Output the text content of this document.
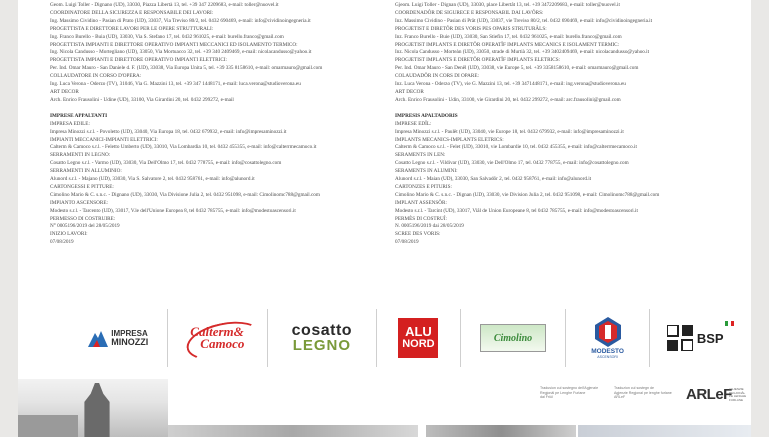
Geom. Luigi Toller - Dignano (UD), 33030, Piazza Libertà 13, tel. +39 347 2209683, e-mail: toller@nuovel.it
COORDINATORE DELLA SICUREZZA E RESPONSABILE DEI LAVORI:
Ing. Massimo Cividino - Pasian di Prato (UD), 33037, Via Treviso 80/2, tel. 0432 690469, e-mail: info@cividinoingegneria.it
PROGETTISTA E DIRETTORE LAVORI PER LE OPERE STRUTTURALI:
Ing. Franco Burello - Buia (UD), 33030, Via S. Stefano 17, tel. 0432 961025, e-mail: burello.franco@gmail.com
PROGETTISTA IMPIANTI E DIRETTORE OPERATIVO IMPIANTI MECCANICI ED ISOLAMENTO TERMICO:
Ing. Nicola Candusso - Mortegliano (UD), 33050, Via Mortuacco 32, tel. +39 340 2409469, e-mail: nicolacandusso@yahoo.it
PROGETTISTA IMPIANTI E DIRETTORE OPERATIVO IMPIANTI ELETTRICI:
Per. Ind. Omar Mauro - San Daniele d. F. (UD), 33038, Via Europa Unita 5, tel. +39 335 8158610, e-mail: omarmauro@gmail.com
COLLAUDATORE IN CORSO D'OPERA:
Ing. Luca Verona - Oderzo (TV), 31046, Via G. Mazzini 13, tel. +39 347 1448171, e-mail: luca.verona@studioverona.eu
ART DECOR
Arch. Enrico Frausolini - Udine (UD), 33100, Via Girardini 20, tel. 0432 299272, e-mail
IMPRESE APPALTANTI
IMPRESA EDILE:
Impresa Minozzi s.r.l. - Povoletto (UD), 33040, Via Europa 18, tel. 0432 679932, e-mail: info@impresaminozzi.it
IMPIANTI MECCANICI-IMPIANTI ELETTRICI:
Calterm & Camoco s.r.l. - Feletto Umberto (UD), 33010, Via Lombardia 10, tel. 0432 455355, e-mail: info@calterrmecamoco.it
SERRAMENTI IN LEGNO:
Cosatto Legno s.r.l. - Varmo (UD), 33030, Via Dell'Olmo 17, tel. 0432 778755, e-mail: info@cosattolegno.com
SERRAMENTI IN ALLUMINIO:
Alunord s.r.l. - Majano (UD), 33030, Via S. Salvatore 2, tel. 0432 958761, e-mail: info@alunord.it
CARTONGESSI E PITTURE:
Cimolino Mario & C. s.n.c. - Dignano (UD), 33030, Via Divisione Julia 2, tel. 0432 951098, e-mail: Cimolinomc788@gmail.com
IMPIANTO ASCENSORE:
Modesto s.r.l. - Tarcento (UD), 33017, V.le dell'Unione Europea 8, tel 0432 785755, e-mail: info@modestoascensori.it
PERMESSO DI COSTRUIRE:
N° 0005196/2019 del 28/05/2019
INIZIO LAVORI:
07/08/2019
Gjeom. Luigi Toller - Dignan (UD), 33030, place Libertât 13, tel. +39 3472209683, e-mail: toller@nuovel.it
COORDENADÔR DE SIGURECE E RESPONSABIL DAI LAVÔRS:
Inz. Massimo Cividino - Pasian di Prât (UD), 33037, vie Treviso 80/2, tel. 0432 690469, e-mail: info@cividinoingegneria.it
PROGJETIST E DIRETÔR DES VORIS PES OPARIS STRUTURÂLS:
Inz. Franco Burello - Buie (UD), 33030, San Stiefin 17, tel. 0432 961025, e-mail: burello.franco@gmail.com
PROGJETIST IMPLANTS E DIRETÔR OPERATÎF IMPLANTS MECANICS E ISOLAMENT TERMIC:
Inz. Nicola Candusso - Morteàn (UD), 33050, strade di Murtià 32, tel. +39 3402409469, e-mail: nicolacandusso@yahoo.it
PROGJETIST IMPLANTS E DIRETÔR OPERATÎF IMPLANTS ELETRICS:
Per. Ind. Omar Mauro - San Denêl (UD), 33038, vie Europe 5, tel. +39 3358158610, e-mail: omarmauro@gmail.com
COLAUDADÔR IN CORS DI OPARE:
Inz. Luca Verona - Oderzo (TV), vie G. Mazzini 13, tel. +39 3471448171, e-mail: ing.verona@studioverona.eu
ART DECOR
Arch. Enrico Frausolini - Udin, 33100, vie Girardini 20, tel. 0432 299272, e-mail: arc.frausolini@gmail.com
IMPRESIS APALTADORIS
IMPRESE EDÎL:
Impresa Minozzi s.r.l. - Paulêt (UD), 33040, vie Europe 18, tel. 0432 679932, e-mail: info@impresaminozzi.it
IMPLANTS MECANICS-IMPLANTS ELETRICS:
Calterm & Camoco s.r.l. - Felet (UD), 33010, vie Lombardie 10, tel. 0432 455355, e-mail: info@calterrmecamoco.it
SERAMENTS IN LEN:
Cosatto Legno s.r.l. - Vildivar (UD), 33030, vie Dell'Olmo 17, tel. 0432 778755, e-mail: info@cosattolegno.com
SERAMENTS IN ALUMINI:
Alunord s.r.l. - Maian (UD), 33030, San Salvadôr 2, tel. 0432 958761, e-mail: info@alunord.it
CARTONZES E PITURIS:
Cimolino Mario & C. s.n.c. - Dignan (UD), 33030, vie Division Julia 2, tel. 0432 951098, e-mail: Cimolinomc788@gmail.com
IMPLANT ASSENSÔR:
Modesto s.r.l. - Tarcint (UD), 33017, Viâl de Union Europeane 8, tel 0432 785755, e-mail: info@modestoascensori.it
PERMÈS DI COSTRUÎ:
N. 0005196/2019 dai 28/05/2019
SCREE DES VORIS:
07/08/2019
IMPRESA
MINOZZI
Calterm&
Camoco
cosatto
LEGNO
ALU
NORD	Cimolino
MODESTO
ASCENSORI
BSP
Tradusion cul sostegno dell'Agjenzie
Regjonâl pe Lenghe Furlane
dal Friûl
Traduzion cul sostegn de
Agjenzie Regjonal pe lenghe furlane
ARLeF	ARLeF
AGJENZIE
REGJONÂL
PE LENGHE
FURLANE
